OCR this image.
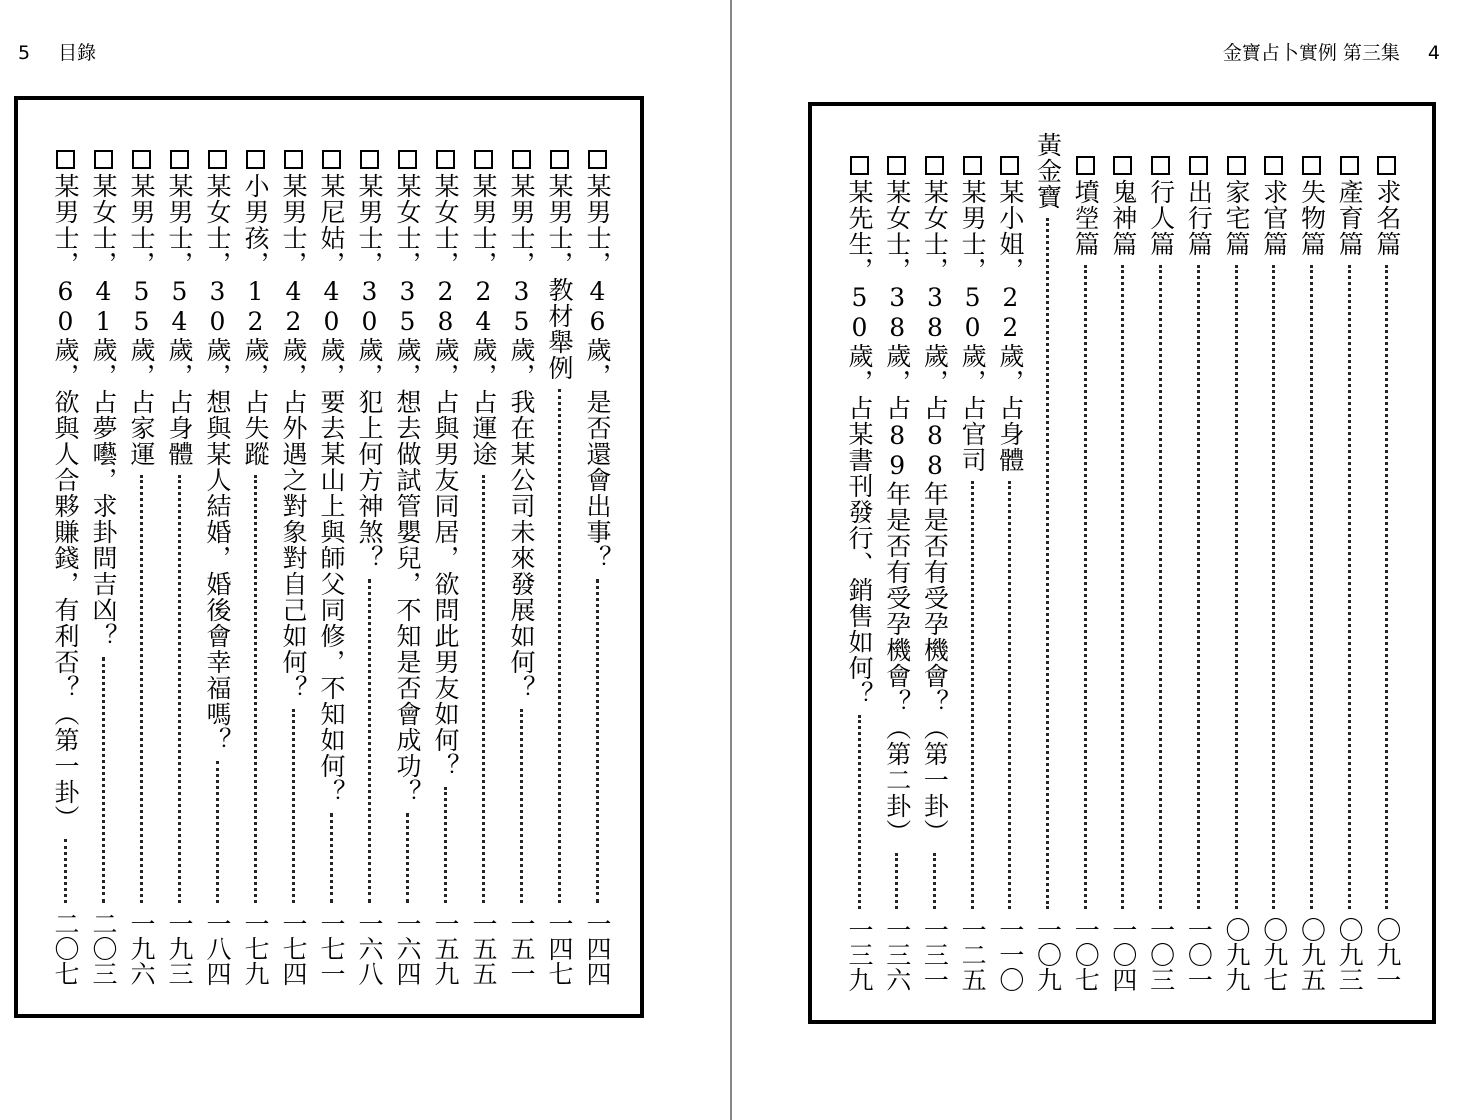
5 目錄	金寶占卜實例 第三集 4
某男士，46歲，是否還會出事？
一四四
某男士，教材舉例
一四七
某男士，35歲，我在某公司未來發展如何？
一五一
某男士，24歲，占運途
一五五
某女士，28歲，占與男友同居，欲問此男友如何？
一五九
某女士，35歲，想去做試管嬰兒，不知是否會成功？
一六四
某男士，30歲，犯上何方神煞？
一六八
某尼姑，40歲，要去某山上與師父同修，不知如何？
一七一
某男士，42歲，占外遇之對象對自己如何？
一七四
小男孩，12歲，占失蹤
一七九
某女士，30歲，想與某人結婚，婚後會幸福嗎？
一八四
某男士，54歲，占身體
一九三
某男士，55歲，占家運
一九六
某女士，41歲，占夢囈，求卦問吉凶？
二〇三
某男士，60歲，欲與人合夥賺錢，有利否？（第一卦）
二〇七
求名篇
〇九一
產育篇
〇九三
失物篇
〇九五
求官篇
〇九七
家宅篇
〇九九
出行篇
一〇一
行人篇
一〇三
鬼神篇
一〇四
墳塋篇
一〇七
黃金寶
一〇九
某小姐，22歲，占身體
一一〇
某男士，50歲，占官司
一二五
某女士，38歲，占88年是否有受孕機會？（第一卦）
一三一
某女士，38歲，占89年是否有受孕機會？（第二卦）
一三六
某先生，50歲，占某書刊發行、銷售如何？
一三九
